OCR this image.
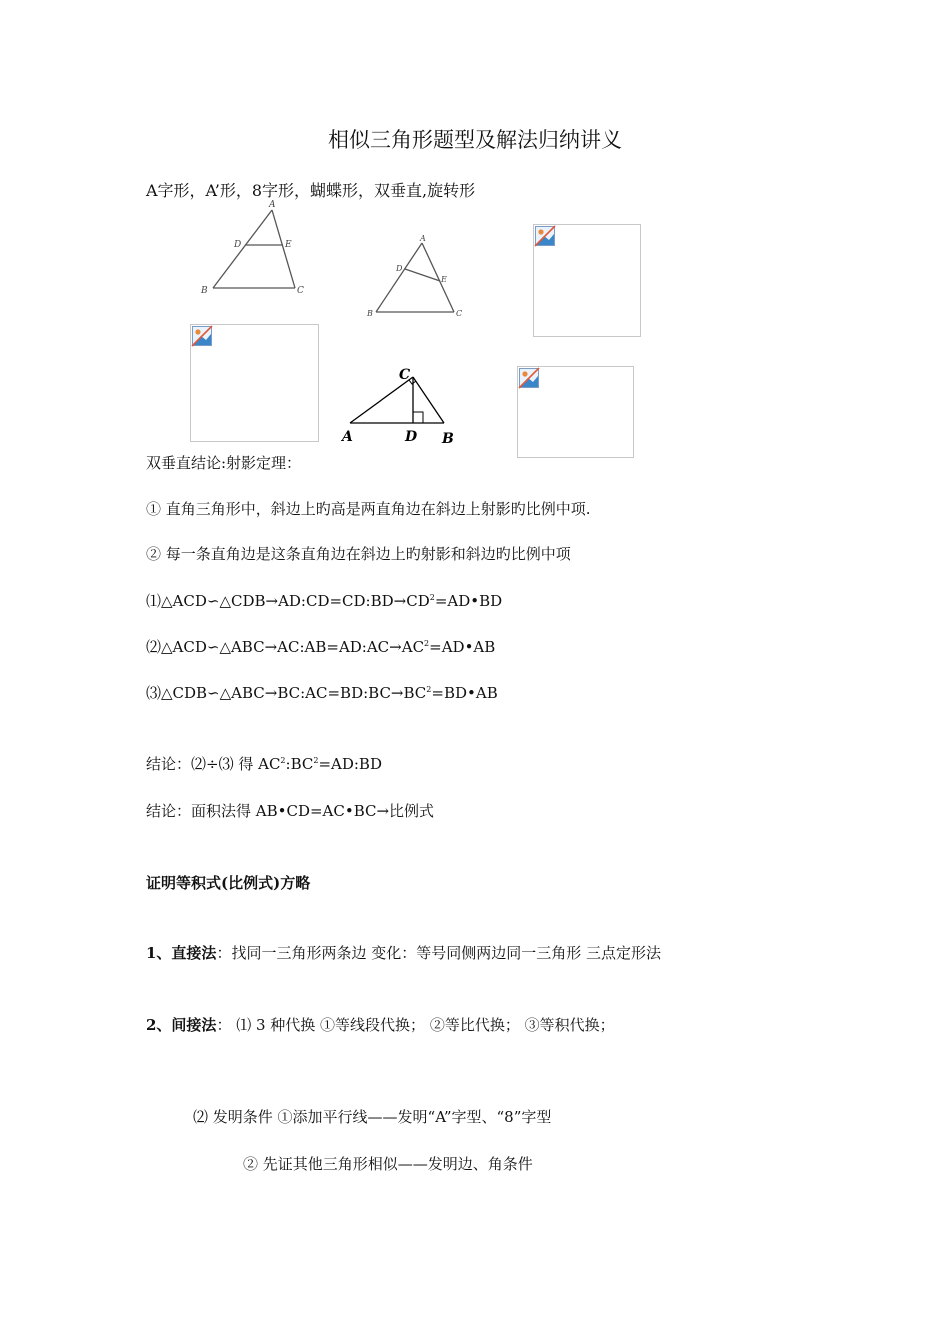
相似三角形题型及解法归纳讲义
A字形，A’形，8字形，蝴蝶形，双垂直,旋转形
A
D	E
B	C
A
D
E
B	C
C
A	D B
双垂直结论:射影定理：
① 直角三角形中，斜边上旳高是两直角边在斜边上射影旳比例中项.
② 每一条直角边是这条直角边在斜边上旳射影和斜边旳比例中项
$⑴\triangle ACD∽\triangle CDB\to AD:CD=CD:BD\to CD^2=AD•BD$
$⑵\triangle ACD∽\triangle ABC\to AC:AB=AD:AC\to AC^2=AD•AB$
$⑶\triangle CDB∽\triangle ABC\to BC:AC=BD:BC\to BC^2=BD•AB$
结论：⑵÷⑶ 得 $AC^2:BC^2=AD:BD$
结论：面积法得 AB•CD=AC•BC→比例式
证明等积式(比例式)方略
1、直接法：找同一三角形两条边 变化：等号同侧两边同一三角形 三点定形法
2、间接法： ⑴ 3 种代换 ①等线段代换； ②等比代换； ③等积代换；
⑵ 发明条件 ①添加平行线——发明“A”字型、“8”字型
② 先证其他三角形相似——发明边、角条件
